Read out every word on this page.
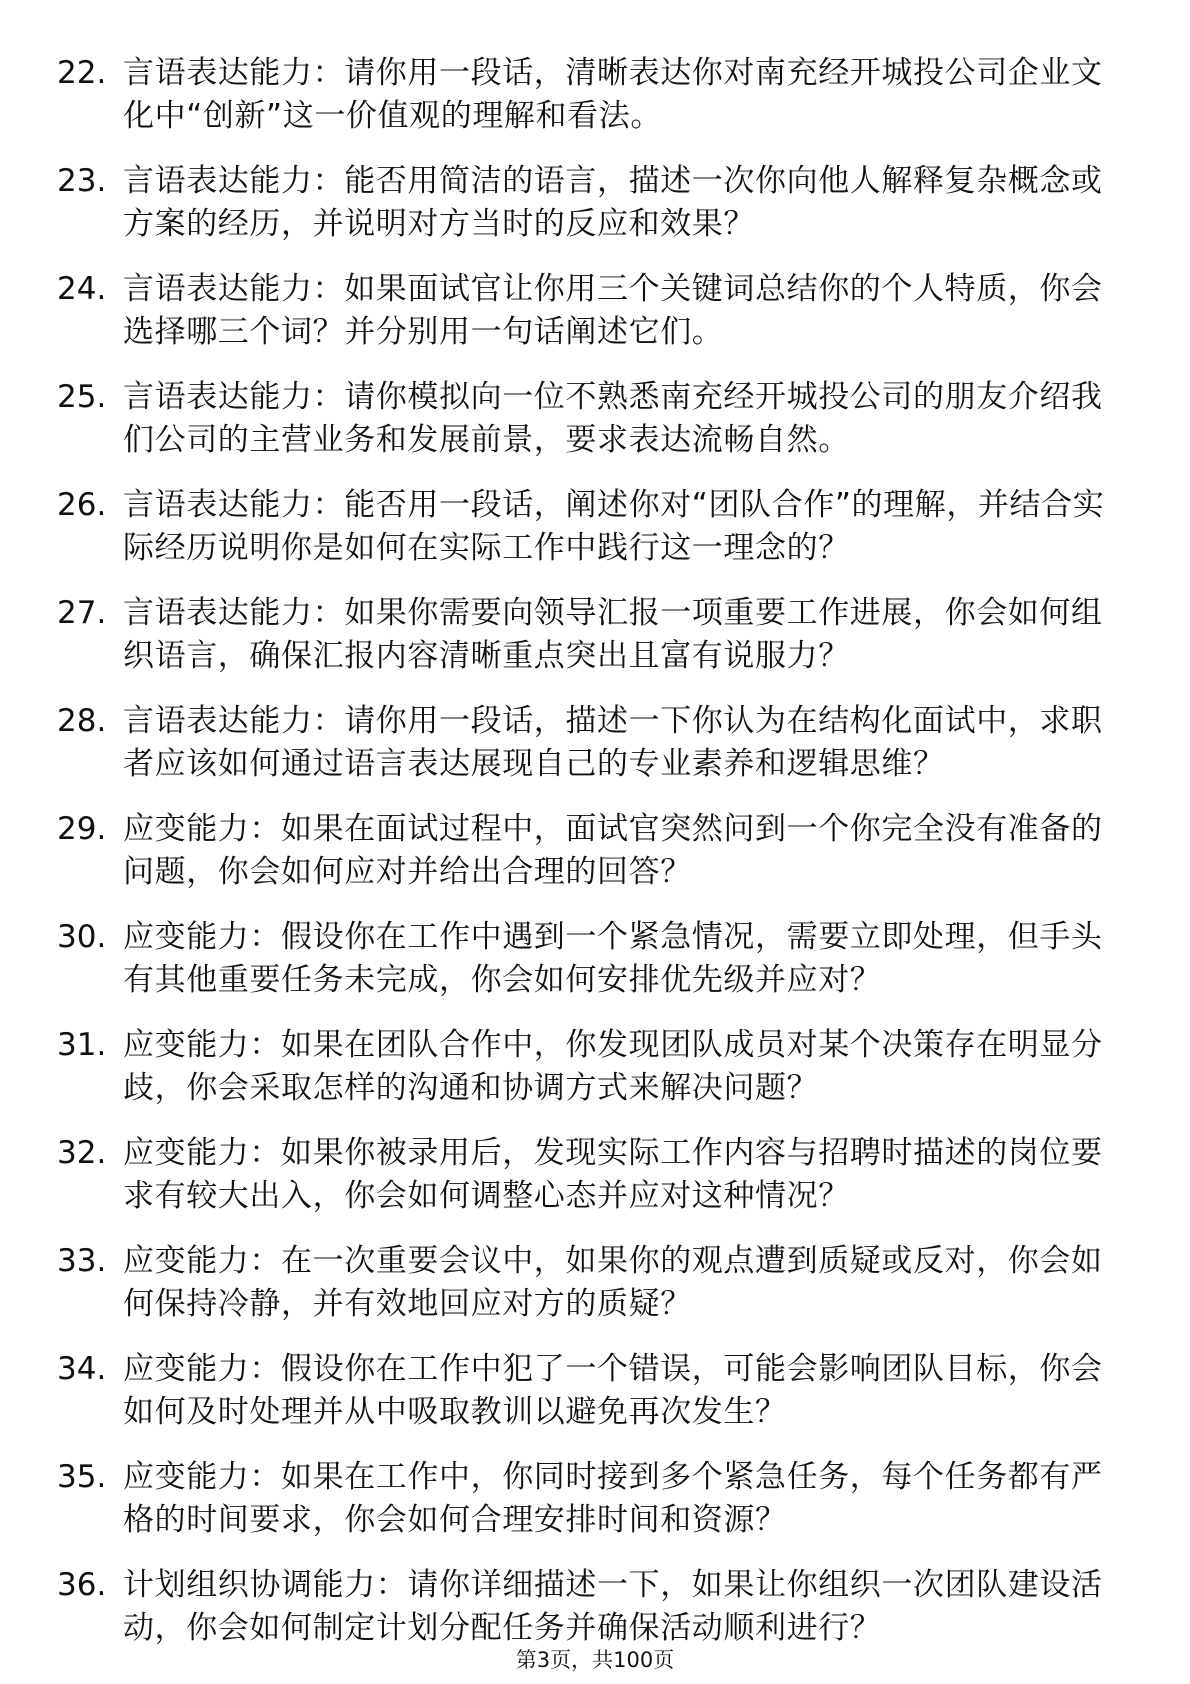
22. 言语表达能力：请你用一段话，清晰表达你对南充经开城投公司企业文化中“创新”这一价值观的理解和看法。
23. 言语表达能力：能否用简洁的语言，描述一次你向他人解释复杂概念或方案的经历，并说明对方当时的反应和效果？
24. 言语表达能力：如果面试官让你用三个关键词总结你的个人特质，你会选择哪三个词？并分别用一句话阐述它们。
25. 言语表达能力：请你模拟向一位不熟悉南充经开城投公司的朋友介绍我们公司的主营业务和发展前景，要求表达流畅自然。
26. 言语表达能力：能否用一段话，阐述你对“团队合作”的理解，并结合实际经历说明你是如何在实际工作中践行这一理念的？
27. 言语表达能力：如果你需要向领导汇报一项重要工作进展，你会如何组织语言，确保汇报内容清晰重点突出且富有说服力？
28. 言语表达能力：请你用一段话，描述一下你认为在结构化面试中，求职者应该如何通过语言表达展现自己的专业素养和逻辑思维？
29. 应变能力：如果在面试过程中，面试官突然问到一个你完全没有准备的问题，你会如何应对并给出合理的回答？
30. 应变能力：假设你在工作中遇到一个紧急情况，需要立即处理，但手头有其他重要任务未完成，你会如何安排优先级并应对？
31. 应变能力：如果在团队合作中，你发现团队成员对某个决策存在明显分歧，你会采取怎样的沟通和协调方式来解决问题？
32. 应变能力：如果你被录用后，发现实际工作内容与招聘时描述的岗位要求有较大出入，你会如何调整心态并应对这种情况？
33. 应变能力：在一次重要会议中，如果你的观点遭到质疑或反对，你会如何保持冷静，并有效地回应对方的质疑？
34. 应变能力：假设你在工作中犯了一个错误，可能会影响团队目标，你会如何及时处理并从中吸取教训以避免再次发生？
35. 应变能力：如果在工作中，你同时接到多个紧急任务，每个任务都有严格的时间要求，你会如何合理安排时间和资源？
36. 计划组织协调能力：请你详细描述一下，如果让你组织一次团队建设活动，你会如何制定计划分配任务并确保活动顺利进行？
第3页，共100页
